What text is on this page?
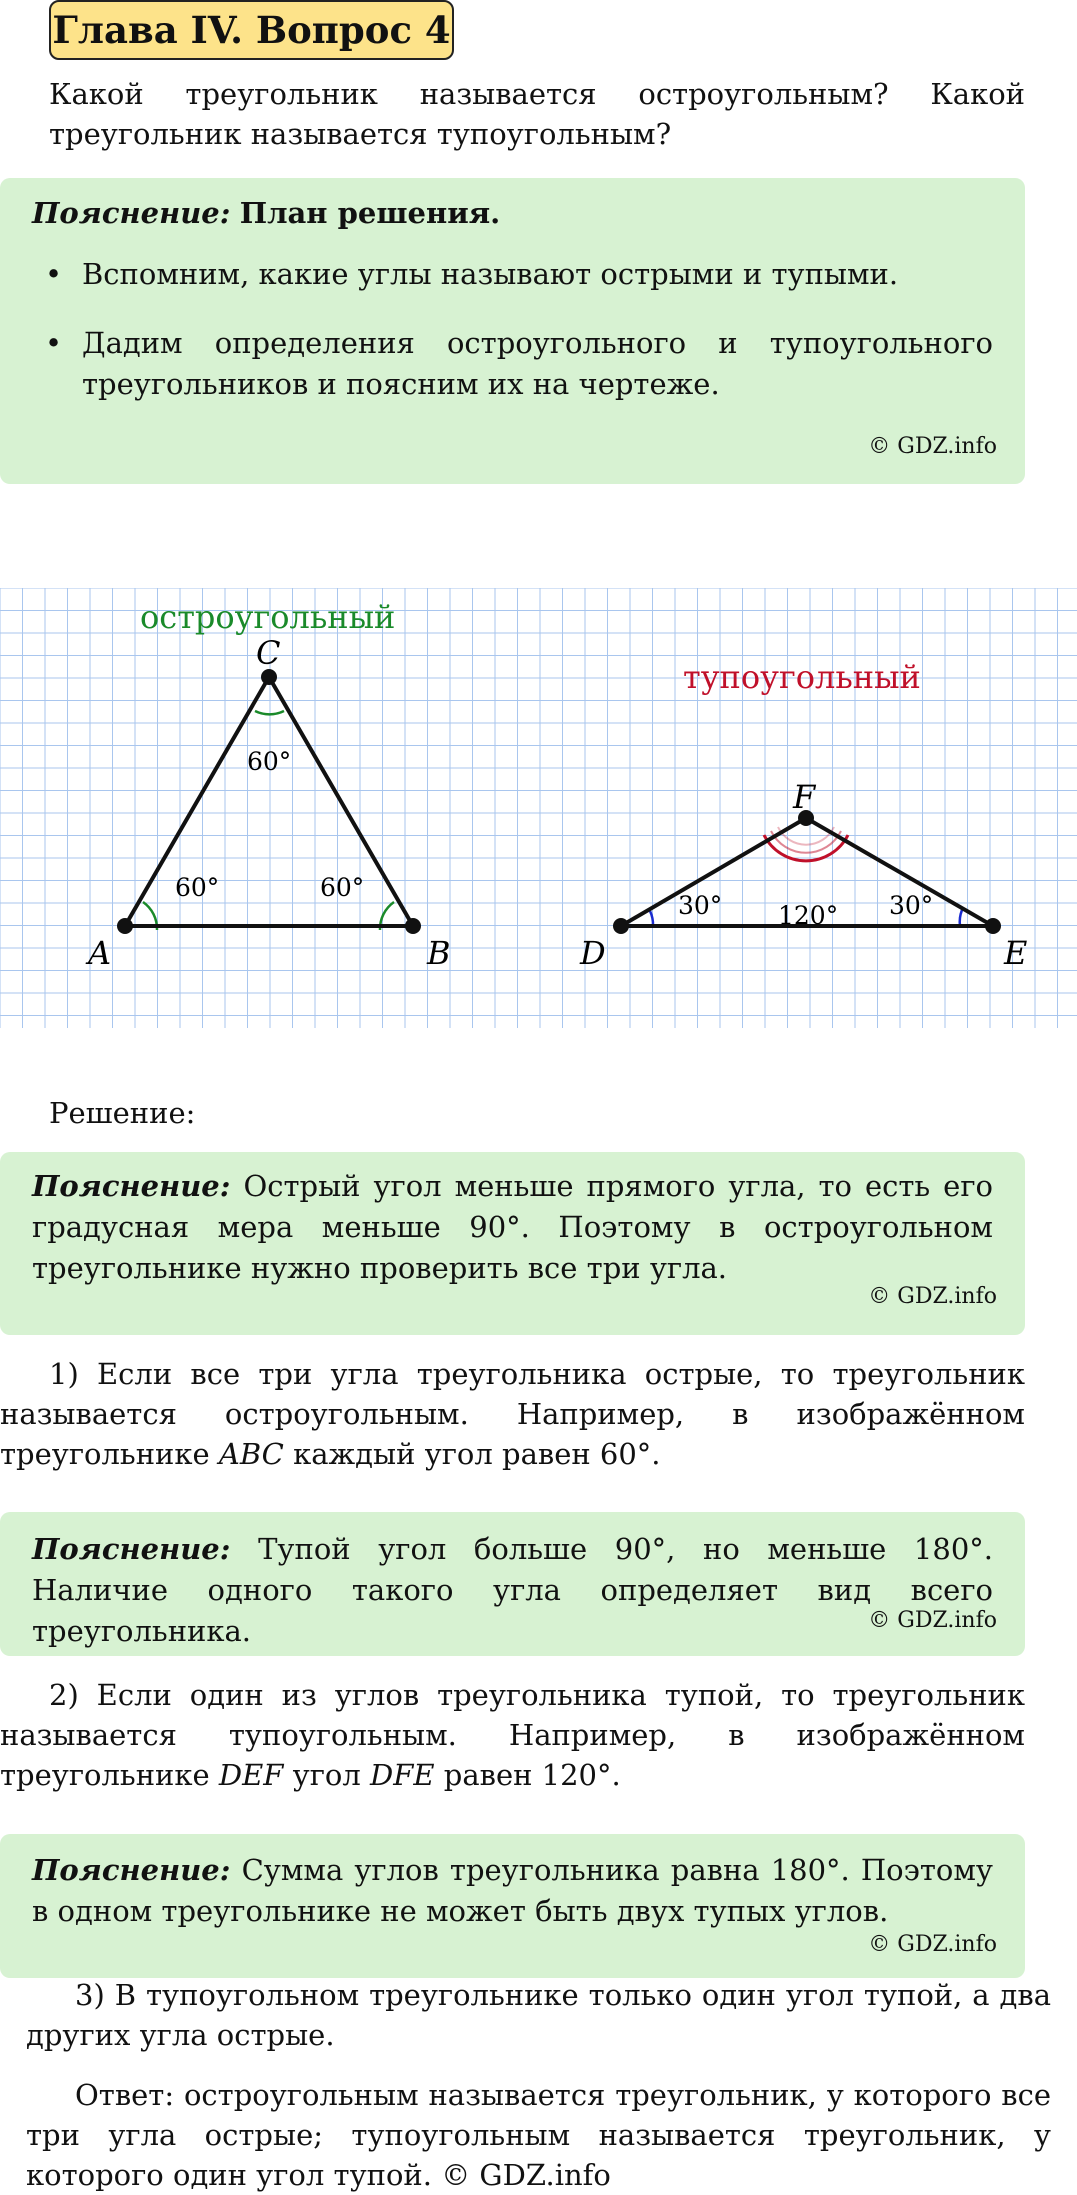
Глава IV. Вопрос 4

Какой треугольник называется остроугольным? Какой треугольник называется тупоугольным?

Пояснение: План решения.
• Вспомним, какие углы называют острыми и тупыми.
• Дадим определения остроугольного и тупоугольного треугольников и поясним их на чертеже.
© GDZ.info
остроугольный
A	B
C
60°	60°
60°
тупоугольный
D	E
F
30°	30°
120°
Решение:
Пояснение: Острый угол меньше прямого угла, то есть его градусная мера меньше 90°. Поэтому в остроугольном треугольнике нужно проверить все три угла.
© GDZ.info
1) Если все три угла треугольника острые, то треугольник называется остроугольным. Например, в изображённом треугольнике ABC каждый угол равен 60°.
Пояснение: Тупой угол больше 90°, но меньше 180°. Наличие одного такого угла определяет вид всего треугольника.	© GDZ.info
2) Если один из углов треугольника тупой, то треугольник называется тупоугольным. Например, в изображённом треугольнике DEF угол DFE равен 120°.
Пояснение: Сумма углов треугольника равна 180°. Поэтому в одном треугольнике не может быть двух тупых углов.
© GDZ.info
3) В тупоугольном треугольнике только один угол тупой, а два других угла острые.
Ответ: остроугольным называется треугольник, у которого все три угла острые; тупоугольным называется треугольник, у которого один угол тупой. © GDZ.info
